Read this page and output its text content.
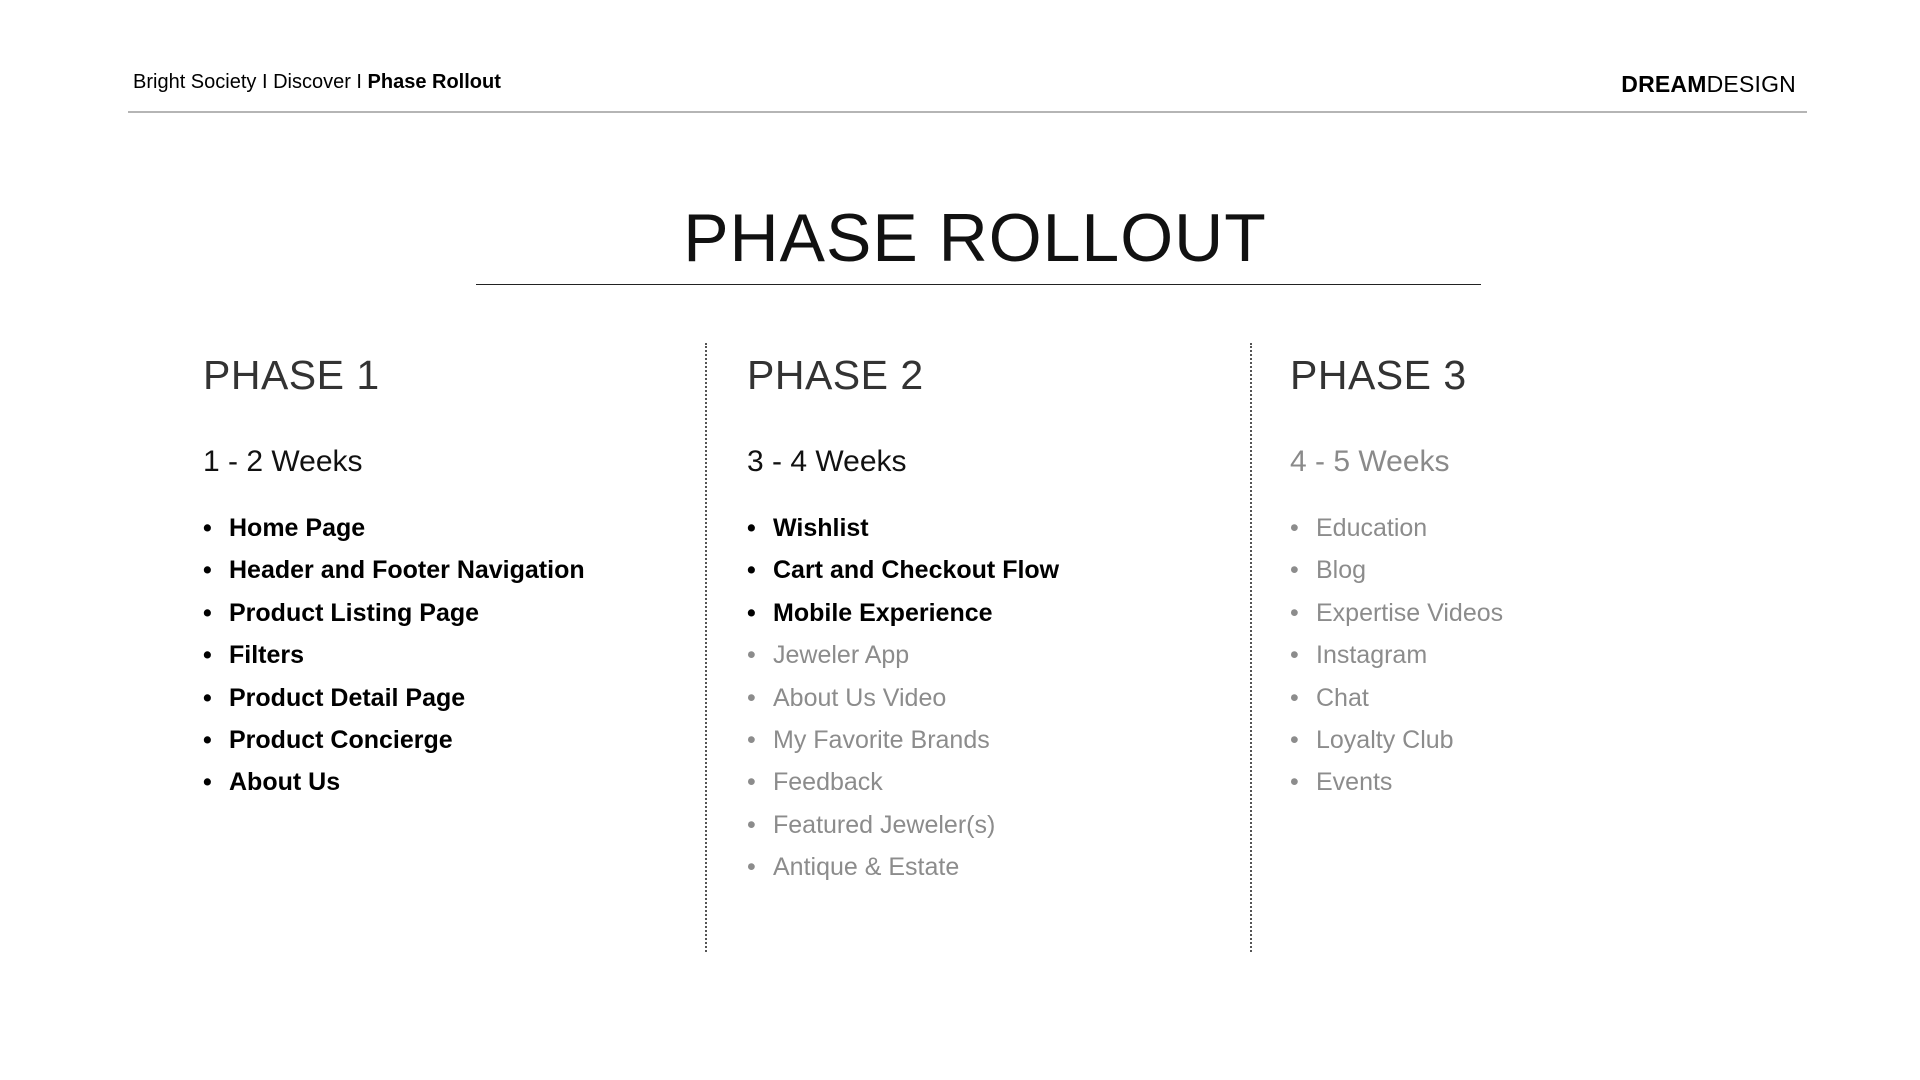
Bright Society I Discover I Phase Rollout	DREAMDESIGN
PHASE ROLLOUT
PHASE 1
1 - 2 Weeks
• Home Page
• Header and Footer Navigation
• Product Listing Page
• Filters
• Product Detail Page
• Product Concierge
• About Us
PHASE 2
3 - 4 Weeks
• Wishlist
• Cart and Checkout Flow
• Mobile Experience
• Jeweler App
• About Us Video
• My Favorite Brands
• Feedback
• Featured Jeweler(s)
• Antique & Estate
PHASE 3
4 - 5 Weeks
• Education
• Blog
• Expertise Videos
• Instagram
• Chat
• Loyalty Club
• Events
